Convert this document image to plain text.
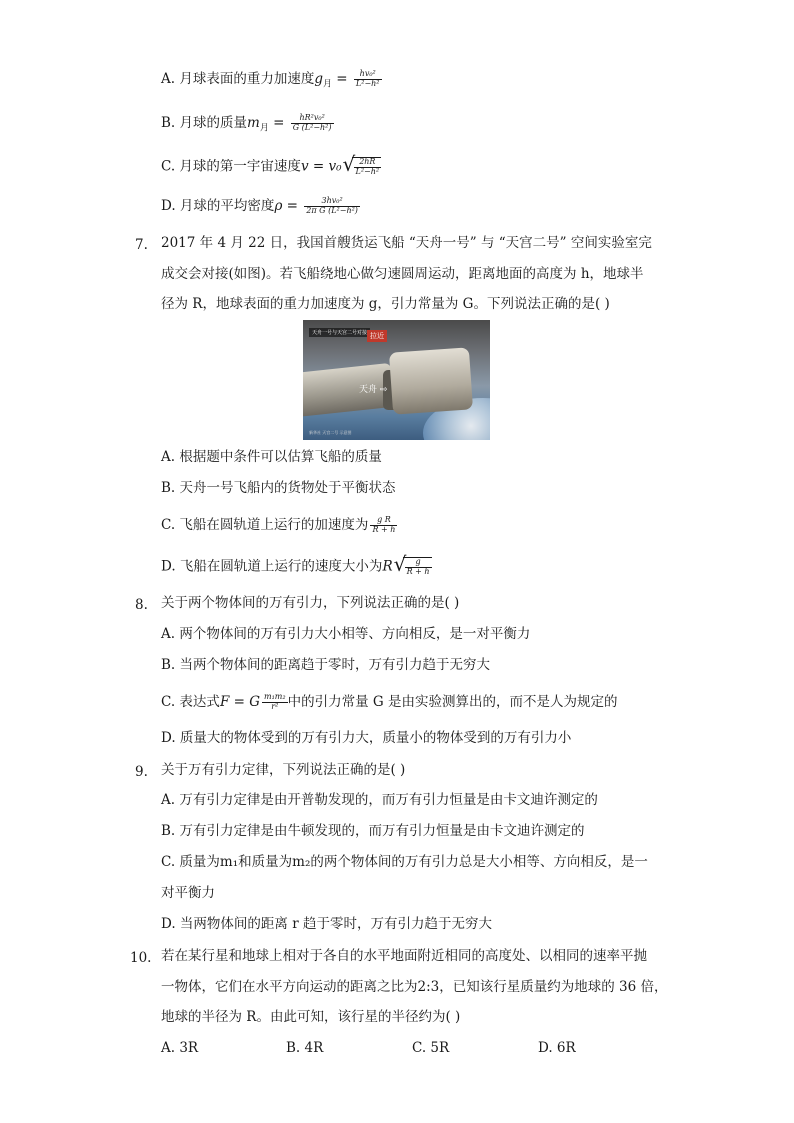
A. 月球表面的重力加速度$g_月 = \frac{\text{hv₀²}}{\text{L²−h²}}$
B. 月球的质量$m_月 = \frac{\text{hR²v₀²}}{\text{G (L²−h²)}}$
C. 月球的第一宇宙速度v = v₀ √
$\frac{2hR}{\text{L²−h²}}$
D. 月球的平均密度$\rho = \frac{\text{3hv₀²}}{\text{2π G (L²−h²)}}$
7. 2017 年 4 月 22 日，我国首艘货运飞船 “天舟一号” 与 “天宫二号” 空间实验室完
成交会对接(如图)。若飞船绕地心做匀速圆周运动，距离地面的高度为 h，地球半
径为 R，地球表面的重力加速度为 g，引力常量为 G。下列说法正确的是( )
天舟一号与天宫二号对接 拉近
天舟 ⇨
新华社 天宫二号 示意图
A. 根据题中条件可以估算飞船的质量
B. 天舟一号飞船内的货物处于平衡状态
C. 飞船在圆轨道上运行的加速度为 $\frac{\text{g R}}{R + h}$
D. 飞船在圆轨道上运行的速度大小为R √
$\frac{g}{R + h}$
8. 关于两个物体间的万有引力，下列说法正确的是( )
A. 两个物体间的万有引力大小相等、方向相反，是一对平衡力
B. 当两个物体间的距离趋于零时，万有引力趋于无穷大
C. 表达式F = G $\frac{\text{m₁m₂}}{\text{r²}}$ 中的引力常量 G 是由实验测算出的，而不是人为规定的
D. 质量大的物体受到的万有引力大，质量小的物体受到的万有引力小
9. 关于万有引力定律，下列说法正确的是( )
A. 万有引力定律是由开普勒发现的，而万有引力恒量是由卡文迪许测定的
B. 万有引力定律是由牛顿发现的，而万有引力恒量是由卡文迪许测定的
C. 质量为m₁和质量为m₂的两个物体间的万有引力总是大小相等、方向相反，是一
对平衡力
D. 当两物体间的距离 r 趋于零时，万有引力趋于无穷大
10. 若在某行星和地球上相对于各自的水平地面附近相同的高度处、以相同的速率平抛
一物体，它们在水平方向运动的距离之比为2:3，已知该行星质量约为地球的 36 倍，
地球的半径为 R。由此可知，该行星的半径约为( )
A. 3R	B. 4R	C. 5R	D. 6R
